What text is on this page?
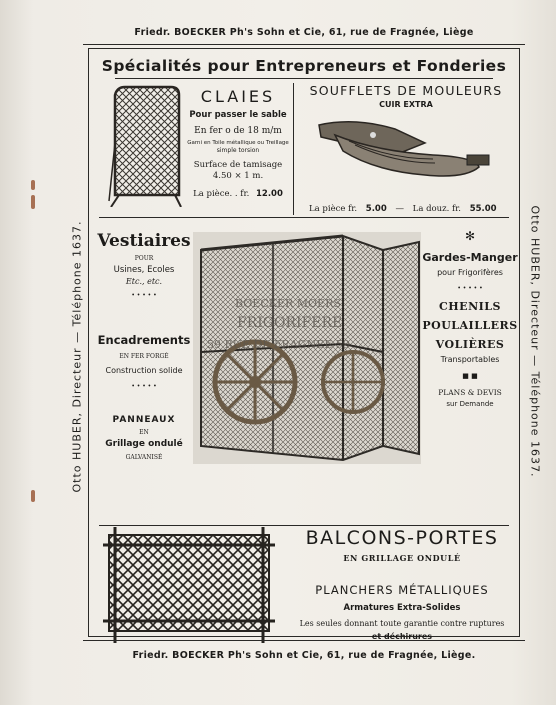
Otto HUBER, Directeur — Téléphone 1637.	Otto HUBER, Directeur — Téléphone 1637.
Friedr. BOECKER Ph's Sohn et Cie, 61, rue de Fragnée, Liège
Spécialités pour Entrepreneurs et Fonderies
CLAIES
Pour passer le sable
En fer o de 18 m/m
Garni en Toile métallique ou Treillage
simple torsion
Surface de tamisage
4.50 × 1 m.
La pièce. . fr. 12.00
SOUFFLETS DE MOULEURS
CUIR EXTRA
La pièce fr. 5.00 — La douz. fr. 55.00
Vestiaires
POUR
Usines, Ecoles
Etc., etc.
• • • • •
Encadrements
EN FER FORGÉ
Construction solide
• • • • •
PANNEAUX
EN
Grillage ondulé
GALVANISÉ
BOECKER MOERS
FRIGORIFERE
59 RUE DE FRAGNEE 59
✻
Gardes-Manger
pour Frigorifères
• • • • •
CHENILS
POULAILLERS
VOLIÈRES
Transportables
■ ■
PLANS & DEVIS
sur Demande
BALCONS-PORTES
EN GRILLAGE ONDULÉ
PLANCHERS MÉTALLIQUES
Armatures Extra-Solides
Les seules donnant toute garantie contre ruptures
et déchirures
Friedr. BOECKER Ph's Sohn et Cie, 61, rue de Fragnée, Liège.
